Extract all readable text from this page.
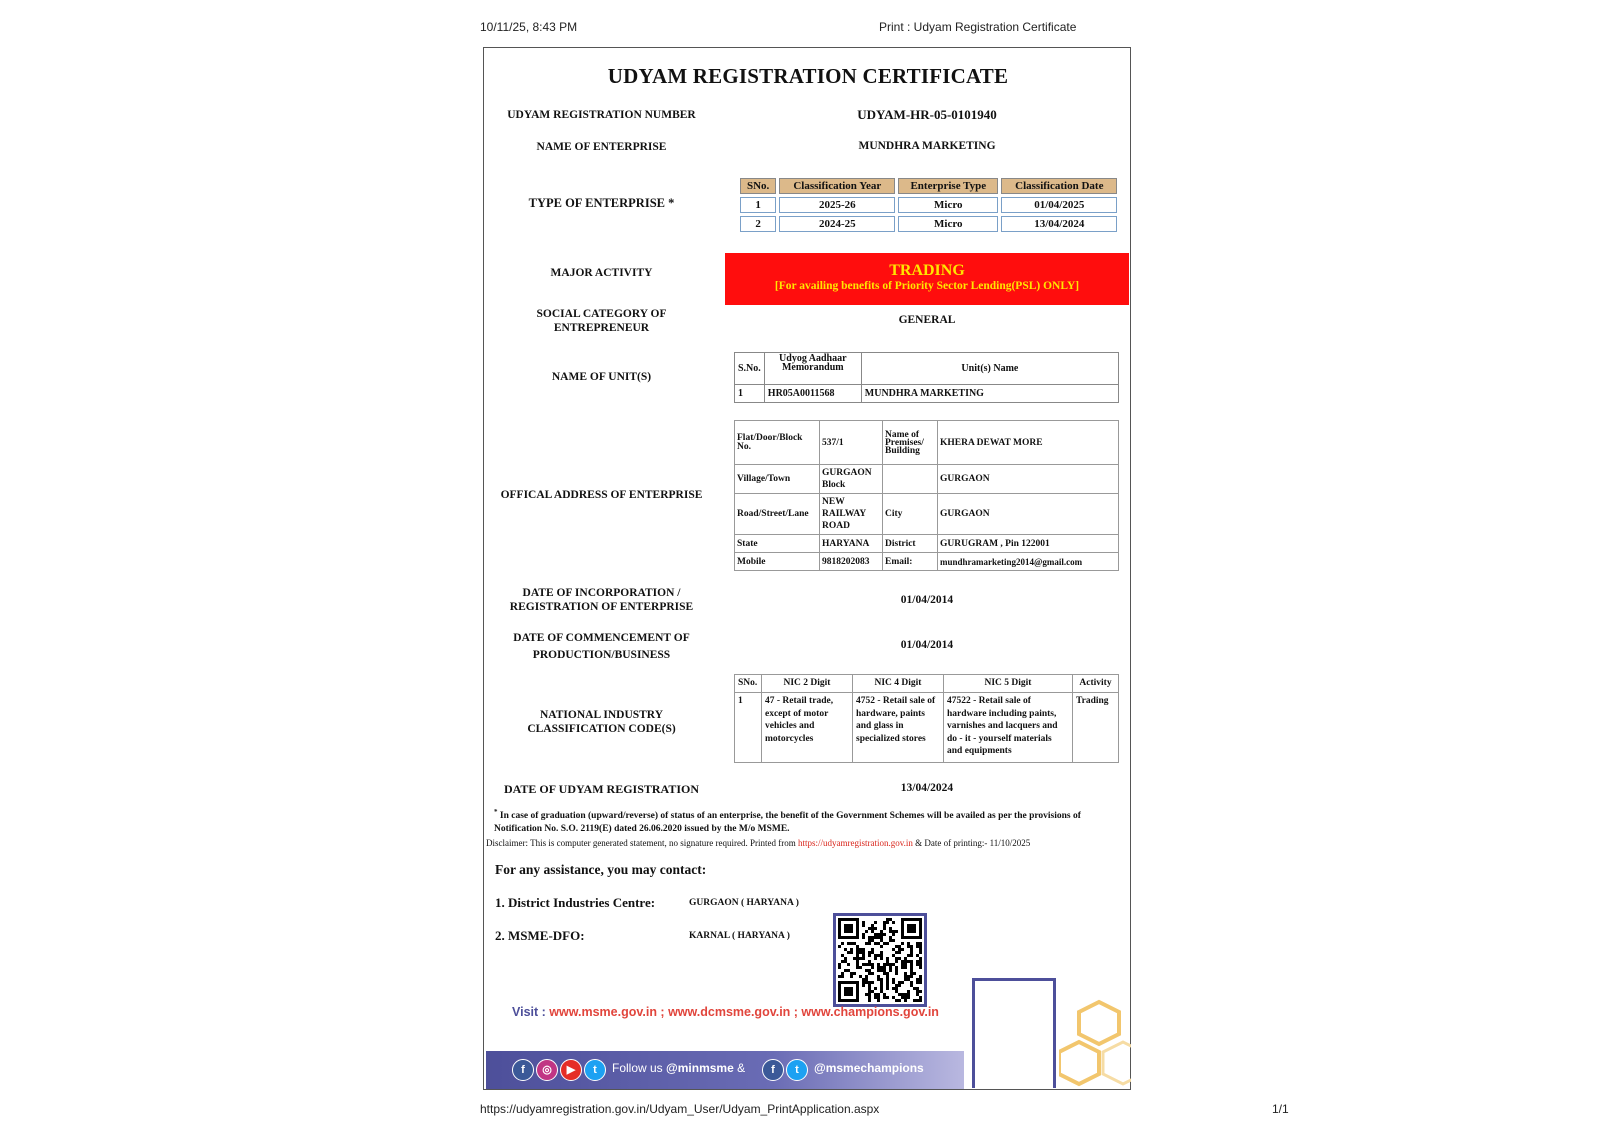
10/11/25, 8:43 PM	Print : Udyam Registration Certificate
UDYAM REGISTRATION CERTIFICATE
UDYAM REGISTRATION NUMBER	UDYAM-HR-05-0101940
NAME OF ENTERPRISE	MUNDHRA MARKETING
TYPE OF ENTERPRISE *
SNo.	Classification Year	Enterprise Type	Classification Date
1	2025-26	Micro	01/04/2025
2	2024-25	Micro	13/04/2024
MAJOR ACTIVITY	TRADING
[For availing benefits of Priority Sector Lending(PSL) ONLY]
SOCIAL CATEGORY OF
ENTREPRENEUR
GENERAL
NAME OF UNIT(S)
S.No.	Udyog Aadhaar Memorandum	Unit(s) Name
1	HR05A0011568	MUNDHRA MARKETING
OFFICAL ADDRESS OF ENTERPRISE
Flat/Door/Block No.	537/1	Name of Premises/ Building	KHERA DEWAT MORE
Village/Town	GURGAON Block		GURGAON
Road/Street/Lane	NEW RAILWAY ROAD	City	GURGAON
State	HARYANA	District	GURUGRAM , Pin 122001
Mobile	9818202083	Email:	mundhramarketing2014@gmail.com
DATE OF INCORPORATION /
REGISTRATION OF ENTERPRISE
01/04/2014
DATE OF COMMENCEMENT OF
PRODUCTION/BUSINESS
01/04/2014
NATIONAL INDUSTRY
CLASSIFICATION CODE(S)
SNo.	NIC 2 Digit	NIC 4 Digit	NIC 5 Digit	Activity
1	47 - Retail trade, except of motor vehicles and motorcycles	4752 - Retail sale of hardware, paints and glass in specialized stores	47522 - Retail sale of hardware including paints, varnishes and lacquers and do - it - yourself materials and equipments	Trading
DATE OF UDYAM REGISTRATION	13/04/2024
* In case of graduation (upward/reverse) of status of an enterprise, the benefit of the Government Schemes will be availed as per the provisions of Notification No. S.O. 2119(E) dated 26.06.2020 issued by the M/o MSME.
Disclaimer: This is computer generated statement, no signature required. Printed from https://udyamregistration.gov.in & Date of printing:- 11/10/2025
For any assistance, you may contact:
1. District Industries Centre:	GURGAON ( HARYANA )
2. MSME-DFO:	KARNAL ( HARYANA )
Visit : www.msme.gov.in ; www.dcmsme.gov.in ; www.champions.gov.in
f	◎	▶	t	Follow us @minmsme &	f	t	@msmechampions
https://udyamregistration.gov.in/Udyam_User/Udyam_PrintApplication.aspx	1/1
